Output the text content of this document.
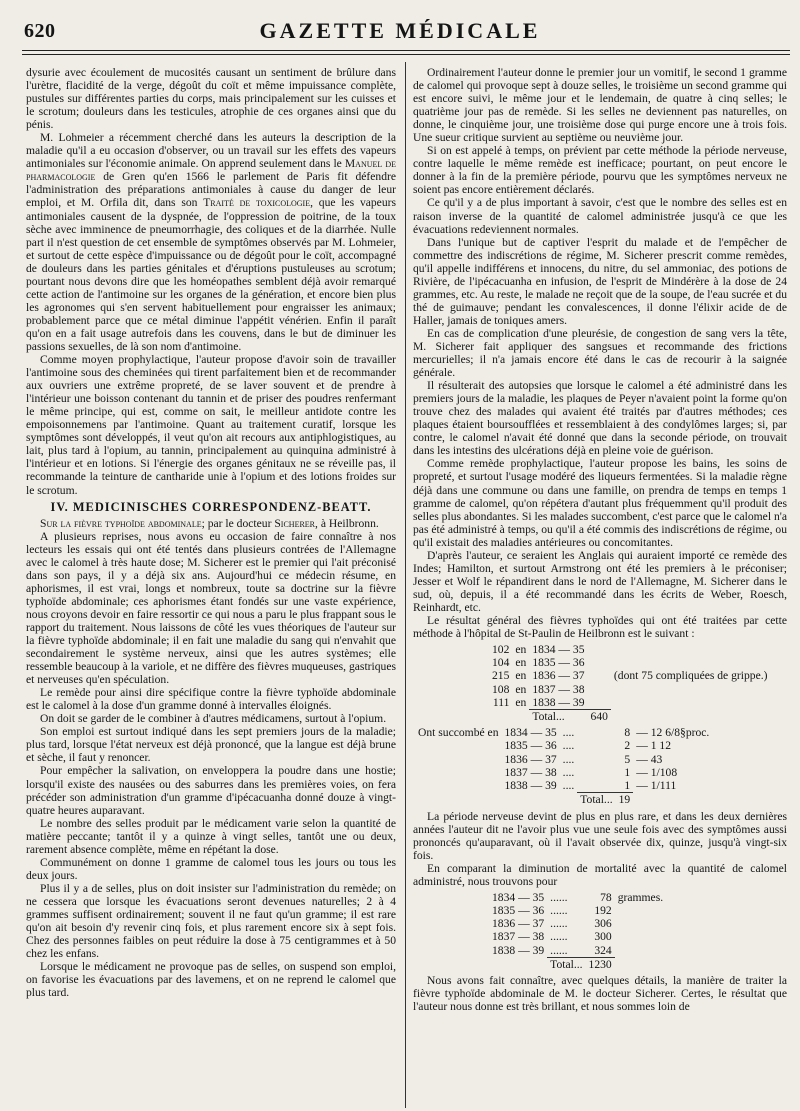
620	GAZETTE MÉDICALE

dysurie avec écoulement de mucosités causant un sentiment de brûlure dans l'urètre, flacidité de la verge, dégoût du coït et même impuissance complète, pustules sur différentes parties du corps, mais principalement sur les cuisses et le scrotum; douleurs dans les testicules, atrophie de ces organes ainsi que du pénis.

M. Lohmeier a récemment cherché dans les auteurs la description de la maladie qu'il a eu occasion d'observer, ou un travail sur les effets des vapeurs antimoniales sur l'économie animale. On apprend seulement dans le Manuel de pharmacologie de Gren qu'en 1566 le parlement de Paris fit défendre l'administration des préparations antimoniales à cause du danger de leur emploi, et M. Orfila dit, dans son Traité de toxicologie, que les vapeurs antimoniales causent de la dyspnée, de l'oppression de poitrine, de la toux sèche avec imminence de pneumorrhagie, des coliques et de la diarrhée. Nulle part il n'est question de cet ensemble de symptômes observés par M. Lohmeier, et surtout de cette espèce d'impuissance ou de dégoût pour le coït, accompagné de douleurs dans les parties génitales et d'éruptions pustuleuses au scrotum; pourtant nous devons dire que les homéopathes semblent déjà avoir remarqué cette action de l'antimoine sur les organes de la génération, et encore bien plus les agronomes qui s'en servent habituellement pour engraisser les animaux; probablement parce que ce métal diminue l'appétit vénérien. Enfin il paraît qu'on en a fait usage autrefois dans les couvens, dans le but de diminuer les passions sexuelles, de là son nom d'antimoine.

Comme moyen prophylactique, l'auteur propose d'avoir soin de travailler l'antimoine sous des cheminées qui tirent parfaitement bien et de recommander aux ouvriers une extrême propreté, de se laver souvent et de prendre à l'intérieur une boisson contenant du tannin et de priser des poudres renfermant le même principe, qui est, comme on sait, le meilleur antidote contre les empoisonnemens par l'antimoine. Quant au traitement curatif, lorsque les symptômes sont développés, il veut qu'on ait recours aux antiphlogistiques, au lait, plus tard à l'opium, au tannin, principalement au quinquina administré à l'intérieur et en lotions. Si l'énergie des organes génitaux ne se réveille pas, il recommande la teinture de cantharide unie à l'opium et des lotions froides sur le scrotum.

IV. MEDICINISCHES CORRESPONDENZ-BEATT.

Sur la fièvre typhoïde abdominale; par le docteur Sicherer, à Heilbronn.

A plusieurs reprises, nous avons eu occasion de faire connaître à nos lecteurs les essais qui ont été tentés dans plusieurs contrées de l'Allemagne avec le calomel à très haute dose; M. Sicherer est le premier qui l'ait préconisé dans son pays, il y a déjà six ans. Aujourd'hui ce médecin résume, en aphorismes, il est vrai, longs et nombreux, toute sa doctrine sur la fièvre typhoïde abdominale; ces aphorismes étant fondés sur une vaste expérience, nous croyons devoir en faire ressortir ce qui nous a paru le plus frappant sous le rapport du traitement. Nous laissons de côté les vues théoriques de l'auteur sur la fièvre typhoïde abdominale; il en fait une maladie du sang qui n'envahit que secondairement le système nerveux, ainsi que les autres systèmes; elle ressemble beaucoup à la variole, et ne diffère des fièvres muqueuses, gastriques et nerveuses qu'en spéculation.

Le remède pour ainsi dire spécifique contre la fièvre typhoïde abdominale est le calomel à la dose d'un gramme donné à intervalles éloignés.

On doit se garder de le combiner à d'autres médicamens, surtout à l'opium.

Son emploi est surtout indiqué dans les sept premiers jours de la maladie; plus tard, lorsque l'état nerveux est déjà prononcé, que la langue est déjà brune et sèche, il faut y renoncer.

Pour empêcher la salivation, on enveloppera la poudre dans une hostie; lorsqu'il existe des nausées ou des saburres dans les premières voies, on fera précéder son administration d'un gramme d'ipécacuanha donné douze à vingt-quatre heures auparavant.

Le nombre des selles produit par le médicament varie selon la quantité de matière peccante; tantôt il y a quinze à vingt selles, tantôt une ou deux, rarement absence complète, même en répétant la dose.

Communément on donne 1 gramme de calomel tous les jours ou tous les deux jours.

Plus il y a de selles, plus on doit insister sur l'administration du remède; on ne cessera que lorsque les évacuations seront devenues naturelles; 2 à 4 grammes suffisent ordinairement; souvent il ne faut qu'un gramme; il est rare qu'on ait besoin d'y revenir cinq fois, et plus rarement encore six à sept fois. Chez des personnes faibles on peut réduire la dose à 75 centigrammes et à 50 chez les enfans.

Lorsque le médicament ne provoque pas de selles, on suspend son emploi, on favorise les évacuations par des lavemens, et on ne reprend le calomel que plus tard.

Ordinairement l'auteur donne le premier jour un vomitif, le second 1 gramme de calomel qui provoque sept à douze selles, le troisième un second gramme qui est encore suivi, le même jour et le lendemain, de quatre à cinq selles; le quatrième jour pas de remède. Si les selles ne deviennent pas naturelles, on donne, le cinquième jour, une troisième dose qui purge encore une à trois fois. Une sueur critique survient au septième ou neuvième jour.

Si on est appelé à temps, on prévient par cette méthode la période nerveuse, contre laquelle le même remède est inefficace; pourtant, on peut encore le donner à la fin de la première période, pourvu que les symptômes nerveux ne soient pas encore entièrement déclarés.

Ce qu'il y a de plus important à savoir, c'est que le nombre des selles est en raison inverse de la quantité de calomel administrée jusqu'à ce que les évacuations redeviennent normales.

Dans l'unique but de captiver l'esprit du malade et de l'empêcher de commettre des indiscrétions de régime, M. Sicherer prescrit comme remèdes, qu'il appelle indifférens et innocens, du nitre, du sel ammoniac, des potions de Rivière, de l'ipécacuanha en infusion, de l'esprit de Mindérère à la dose de 24 grammes, etc. Au reste, le malade ne reçoit que de la soupe, de l'eau sucrée et du thé de guimauve; pendant les convalescences, il donne l'élixir acide de de Haller, jamais de toniques amers.

En cas de complication d'une pleurésie, de congestion de sang vers la tête, M. Sicherer fait appliquer des sangsues et recommande des frictions mercurielles; il n'a jamais encore été dans le cas de recourir à la saignée générale.

Il résulterait des autopsies que lorsque le calomel a été administré dans les premiers jours de la maladie, les plaques de Peyer n'avaient point la forme qu'on trouve chez des malades qui avaient été traités par d'autres méthodes; ces plaques étaient boursoufflées et ressemblaient à des condylômes larges; si, par contre, le calomel n'avait été donné que dans la seconde période, on trouvait dans les intestins des ulcérations déjà en pleine voie de guérison.

Comme remède prophylactique, l'auteur propose les bains, les soins de propreté, et surtout l'usage modéré des liqueurs fermentées. Si la maladie règne déjà dans une commune ou dans une famille, on prendra de temps en temps 1 gramme de calomel, qu'on répétera d'autant plus fréquemment qu'il produit des selles plus abondantes. Si les malades succombent, c'est parce que le calomel n'a pas été administré à temps, ou qu'il a été commis des indiscrétions de régime, ou qu'il existait des maladies antérieures ou concomitantes.

D'après l'auteur, ce seraient les Anglais qui auraient importé ce remède des Indes; Hamilton, et surtout Armstrong ont été les premiers à le préconiser; Jesser et Wolf le répandirent dans le nord de l'Allemagne, M. Sicherer dans le sud, où, depuis, il a été recommandé dans les écrits de Weber, Roesch, Reinhardt, etc.

Le résultat général des fièvres typhoïdes qui ont été traitées par cette méthode à l'hôpital de St-Paulin de Heilbronn est le suivant :

102	en	1834 — 35		
104	en	1835 — 36		
215	en	1836 — 37		(dont 75 compliquées de grippe.)
108	en	1837 — 38		
111	en	1838 — 39		
		Total...	640	
Ont succombé en	1834 — 35	....		8	— 12 6/8§proc.
	1835 — 36	....		2	— 1 12
	1836 — 37	....		5	— 43
	1837 — 38	....		1	— 1/108
	1838 — 39	....		1	— 1/111
			Total...	19	

La période nerveuse devint de plus en plus rare, et dans les deux dernières années l'auteur dit ne l'avoir plus vue une seule fois avec des symptômes aussi prononcés qu'auparavant, où il l'avait observée dix, quinze, jusqu'à vingt-six fois.

En comparant la diminution de mortalité avec la quantité de calomel administré, nous trouvons pour

1834 — 35	......	78	grammes.
1835 — 36	......	192	
1836 — 37	......	306	
1837 — 38	......	300	
1838 — 39	......	324	
	Total...	1230	

Nous avons fait connaître, avec quelques détails, la manière de traiter la fièvre typhoïde abdominale de M. le docteur Sicherer. Certes, le résultat que l'auteur nous donne est très brillant, et nous sommes loin de
